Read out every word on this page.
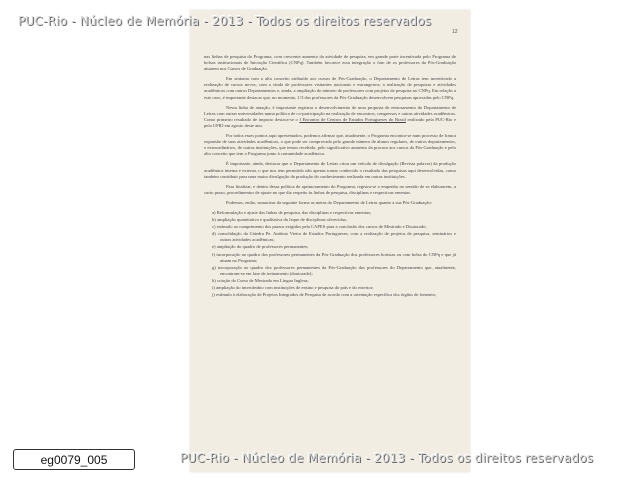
PUC-Rio - Núcleo de Memória - 2013 - Todos os direitos reservados
12

nas linhas de pesquisa do Programa, com crescente aumento da atividade de pesquisa, em grande parte incentivada pelo Programa de bolsas institucionais de Iniciação Científica (CNPq). Também favorece essa integração o fato de os professores da Pós-Graduação atuarem nos Cursos de Graduação.

Em sintonia com o alto conceito atribuído aos cursos de Pós-Graduação, o Departamento de Letras tem incentivado a realização de cursos novos, com a vinda de professores visitantes nacionais e estrangeiros; a realização de pesquisas e atividades acadêmicas com outros Departamentos e, ainda, a ampliação do número de professores com projetos de pesquisa no CNPq. Em relação a este caso, é importante destacar que, no momento, 1/3 dos professores da Pós-Graduação desenvolvem pesquisas aprovadas pelo CNPq.

Nessa linha de atuação, é importante registrar o desenvolvimento de uma proposta de entrosamento do Departamento de Letras com outras universidades numa política de co-participação na realização de encontros, congressos e outras atividades acadêmicas. Como primeiro resultado de impacto destaca-se o I Encontro de Centros de Estudos Portugueses do Brasil realizado pela PUC-Rio e pela UFRJ em agosto deste ano.

Por todos esses pontos aqui apresentados, podemos afirmar que, atualmente, o Programa encontra-se num processo de franca expansão de suas atividades acadêmicas, o que pode ser comprovado pelo grande número de alunos regulares, de outros departamentos, e extraordinários, de outras instituições, que temos recebido, pelo significativo aumento da procura aos cursos da Pós-Graduação e pelo alto conceito que tem o Programa junto à comunidade acadêmica.

É importante, ainda, destacar que o Departamento de Letras criou um veículo de divulgação (Revista palavra) da produção acadêmica interna e externa, o que nos tem permitido não apenas tornar conhecido o resultado das pesquisas aqui desenvolvidas, como também contribuir para uma maior divulgação da produção do conhecimento realizada em outras instituições.

Para finalizar, e dentro dessa política de aprimoramento do Programa, registra-se o empenho no sentido de se elaborarem, a curto prazo, procedimentos de ajuste no que diz respeito às linhas de pesquisa, disciplinas e respectivas ementas.

Podemos, então, sumarizar da seguinte forma as metas do Departamento de Letras quanto a sua Pós-Graduação:

a) Reformulação e ajuste das linhas de pesquisa, das disciplinas e respectivas ementas;
b) ampliação quantitativa e qualitativa do leque de disciplinas oferecidas;
c) estímulo ao cumprimento dos prazos exigidos pela CAPES para a conclusão dos cursos de Mestrado e Doutorado;
d) consolidação da Cátedra Pe. Antônio Vieira de Estudos Portugueses, com a realização de projetos de pesquisa, seminários e outras atividades acadêmicas;
e) ampliação do quadro de professores permanentes;
f) incorporação ao quadro dos professores permanentes da Pós-Graduação dos professores horistas ou com bolsa do CNPq e que já atuam no Programa;
g) incorporação ao quadro dos professores permanentes da Pós-Graduação dos professores do Departamento que, atualmente, encontram-se em fase de treinamento (doutorado);
h) criação do Curso de Mestrado em Língua Inglesa;
i) ampliação do intercâmbio com instituições de ensino e pesquisa do país e do exterior;
j) estímulo à elaboração de Projetos Integrados de Pesquisa de acordo com a orientação específica dos órgãos de fomento;
eg0079_005	PUC-Rio - Núcleo de Memória - 2013 - Todos os direitos reservados
